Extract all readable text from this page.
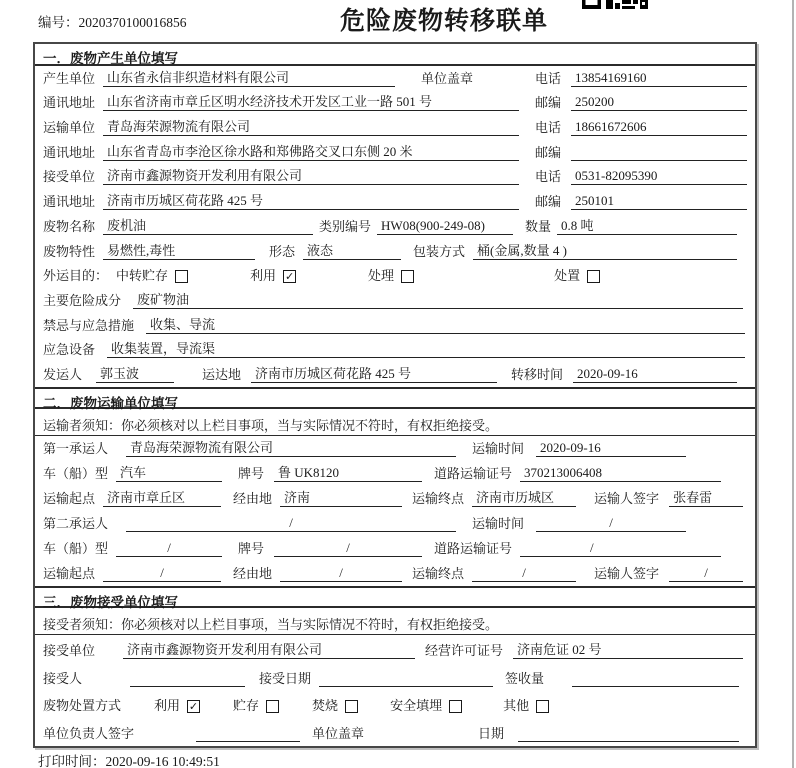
编号：2020370100016856	危险废物转移联单
一．废物产生单位填写
产生单位 山东省永信非织造材料有限公司	单位盖章	电话	13854169160
通讯地址 山东省济南市章丘区明水经济技术开发区工业一路 501 号	邮编	250200
运输单位 青岛海荣源物流有限公司	电话	18661672606
通讯地址 山东省青岛市李沧区徐水路和郑佛路交叉口东侧 20 米	邮编
接受单位 济南市鑫源物资开发利用有限公司	电话	0531-82095390
通讯地址 济南市历城区荷花路 425 号	邮编	250101
废物名称 废机油	类别编号 HW08(900-249-08)	数量 0.8 吨
废物特性 易燃性,毒性	形态 液态	包装方式 桶(金属,数量 4 )
外运目的： 中转贮存	利用 ✓	处理	处置
主要危险成分	废矿物油
禁忌与应急措施	收集、导流
应急设备	收集装置，导流渠
发运人	郭玉波	运达地	济南市历城区荷花路 425 号	转移时间	2020-09-16
二．废物运输单位填写
运输者须知：你必须核对以上栏目事项，当与实际情况不符时，有权拒绝接受。
第一承运人	青岛海荣源物流有限公司	运输时间	2020-09-16
车（船）型 汽车	牌号	鲁 UK8120	道路运输证号 370213006408
运输起点 济南市章丘区	经由地 济南	运输终点 济南市历城区	运输人签字	张春雷
第二承运人	/	运输时间	/
车（船）型	/	牌号	/	道路运输证号	/
运输起点	/	经由地	/	运输终点	/	运输人签字	/
三．废物接受单位填写
接受者须知：你必须核对以上栏目事项，当与实际情况不符时，有权拒绝接受。
接受单位	济南市鑫源物资开发利用有限公司	经营许可证号	济南危证 02 号
接受人	接受日期	签收量
废物处置方式	利用 ✓	贮存	焚烧	安全填埋	其他
单位负责人签字	单位盖章	日期
打印时间：2020-09-16 10:49:51
